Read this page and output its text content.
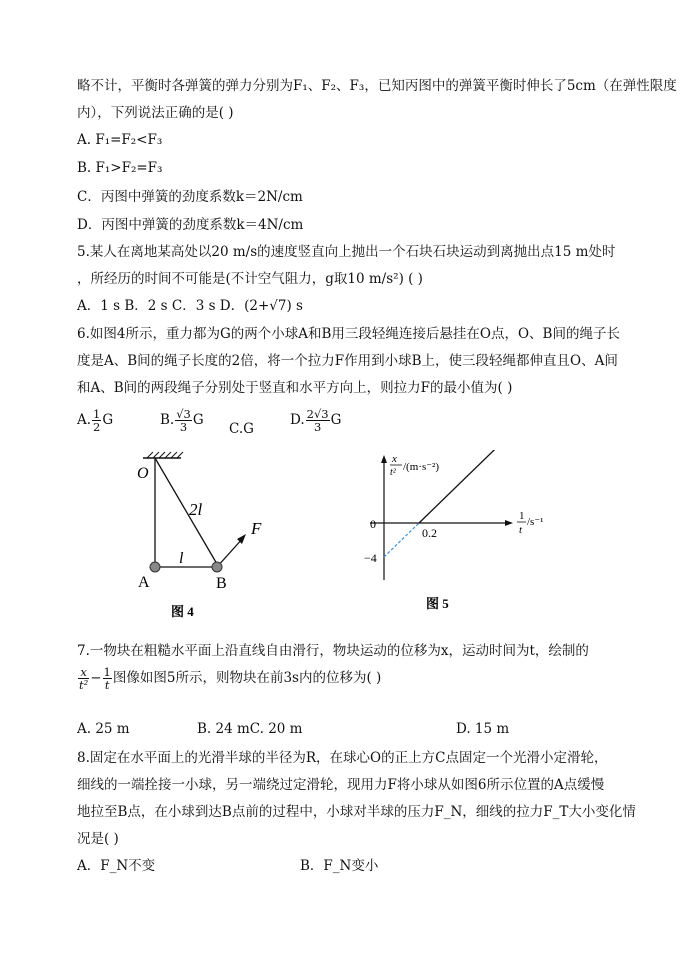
略不计，平衡时各弹簧的弹力分别为F₁、F₂、F₃，已知丙图中的弹簧平衡时伸长了5cm（在弹性限度
内），下列说法正确的是( )
A. F₁=F₂<F₃
B. F₁>F₂=F₃
C．丙图中弹簧的劲度系数k＝2N/cm
D．丙图中弹簧的劲度系数k＝4N/cm
5.某人在离地某高处以20 m/s的速度竖直向上抛出一个石块石块运动到离抛出点15 m处时
，所经历的时间不可能是(不计空气阻力，g取10 m/s²) ( )
A．1 s B．2 s C．3 s D．(2+√7) s
6.如图4所示，重力都为G的两个小球A和B用三段轻绳连接后悬挂在O点，O、B间的绳子长
度是A、B间的绳子长度的2倍，将一个拉力F作用到小球B上，使三段轻绳都伸直且O、A间
和A、B间的两段绳子分别处于竖直和水平方向上，则拉力F的最小值为( )
A. $\frac{1}{2}$ G	B. $\frac{√3}{3}$ G
C.G
D. $\frac{2√3}{3}$ G
O
2l
F
l
A	B
图 4
x
t² /(m·s⁻²)
1
t
/s⁻¹
0
−4
0.2
图 5
7.一物块在粗糙水平面上沿直线自由滑行，物块运动的位移为x，运动时间为t，绘制的
$\frac{x}{\text{t²}} - \frac{1}{t}$ 图像如图5所示，则物块在前3s内的位移为( )
A. 25 m	B. 24 mC. 20 m	D. 15 m
8.固定在水平面上的光滑半球的半径为R，在球心O的正上方C点固定一个光滑小定滑轮，
细线的一端拴接一小球，另一端绕过定滑轮，现用力F将小球从如图6所示位置的A点缓慢
地拉至B点，在小球到达B点前的过程中，小球对半球的压力F_N，细线的拉力F_T大小变化情
况是( )
A．F_N不变	B．F_N变小
